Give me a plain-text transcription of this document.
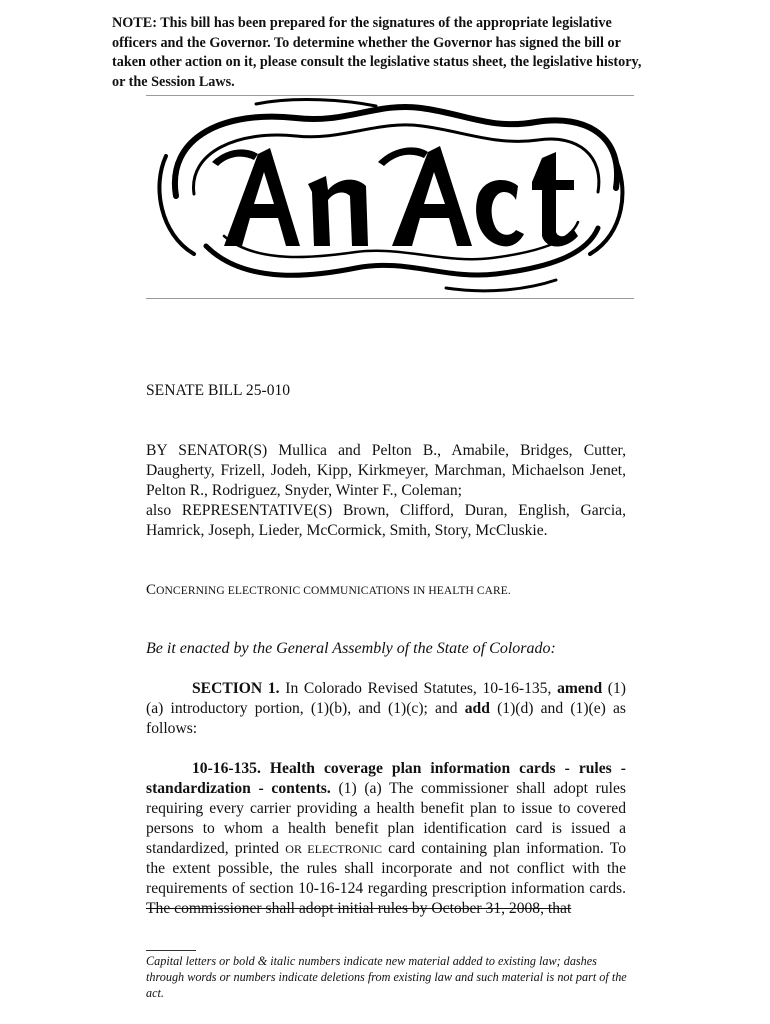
NOTE: This bill has been prepared for the signatures of the appropriate legislative officers and the Governor. To determine whether the Governor has signed the bill or taken other action on it, please consult the legislative status sheet, the legislative history, or the Session Laws.
An Act
SENATE BILL 25-010

BY SENATOR(S) Mullica and Pelton B., Amabile, Bridges, Cutter, Daugherty, Frizell, Jodeh, Kipp, Kirkmeyer, Marchman, Michaelson Jenet, Pelton R., Rodriguez, Snyder, Winter F., Coleman;

also REPRESENTATIVE(S) Brown, Clifford, Duran, English, Garcia, Hamrick, Joseph, Lieder, McCormick, Smith, Story, McCluskie.

CONCERNING ELECTRONIC COMMUNICATIONS IN HEALTH CARE.
Be it enacted by the General Assembly of the State of Colorado:

SECTION 1. In Colorado Revised Statutes, 10-16-135, amend (1)(a) introductory portion, (1)(b), and (1)(c); and add (1)(d) and (1)(e) as follows:

10-16-135. Health coverage plan information cards - rules - standardization - contents. (1) (a) The commissioner shall adopt rules requiring every carrier providing a health benefit plan to issue to covered persons to whom a health benefit plan identification card is issued a standardized, printed OR ELECTRONIC card containing plan information. To the extent possible, the rules shall incorporate and not conflict with the requirements of section 10-16-124 regarding prescription information cards. The commissioner shall adopt initial rules by October 31, 2008, that

Capital letters or bold & italic numbers indicate new material added to existing law; dashes through words or numbers indicate deletions from existing law and such material is not part of the act.
